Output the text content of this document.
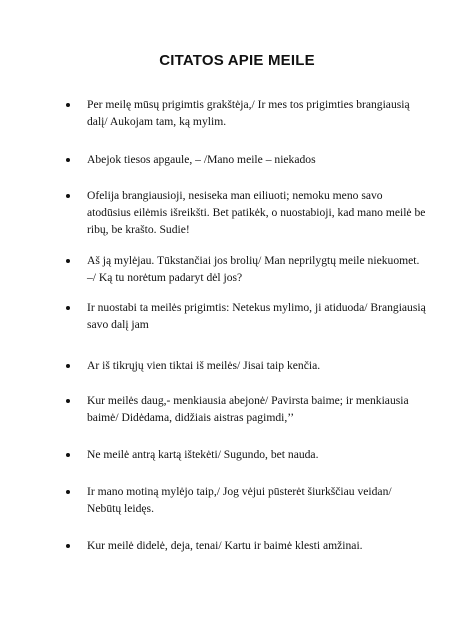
CITATOS APIE MEILE
Per meilę mūsų prigimtis grakštėja,/ Ir mes tos prigimties brangiausią dalį/ Aukojam tam, ką mylim.
Abejok tiesos apgaule, – /Mano meile – niekados
Ofelija brangiausioji, nesiseka man eiliuoti; nemoku meno savo atodūsius eilėmis išreikšti. Bet patikėk, o nuostabioji, kad mano meilė be ribų, be krašto. Sudie!
Aš ją mylėjau. Tūkstančiai jos brolių/ Man neprilygtų meile niekuomet. –/ Ką tu norėtum padaryt dėl jos?
Ir nuostabi ta meilės prigimtis: Netekus mylimo, ji atiduoda/ Brangiausią savo dalį jam
Ar iš tikrųjų vien tiktai iš meilės/ Jisai taip kenčia.
Kur meilės daug,- menkiausia abejonė/ Pavirsta baime; ir menkiausia baimė/ Didėdama, didžiais aistras pagimdi,’’
Ne meilė antrą kartą ištekėti/ Sugundo, bet nauda.
Ir mano motiną mylėjo taip,/ Jog vėjui pūsterėt šiurkščiau veidan/ Nebūtų leidęs.
Kur meilė didelė, deja, tenai/ Kartu ir baimė klesti amžinai.
